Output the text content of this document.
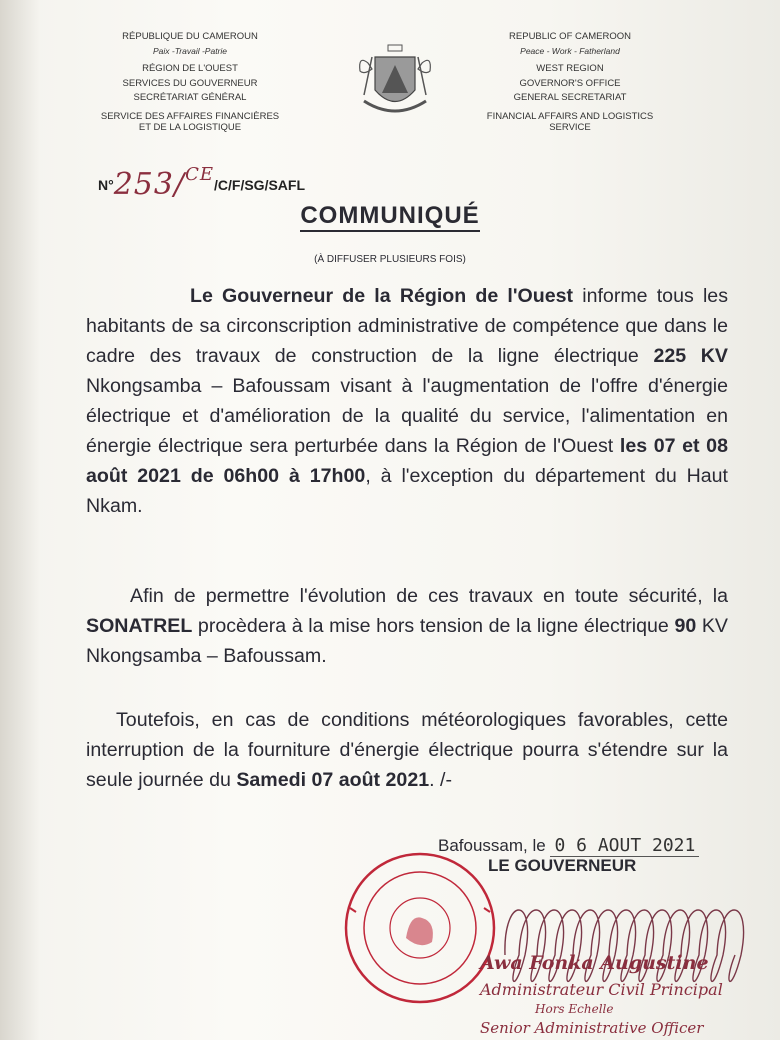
RÉPUBLIQUE DU CAMEROUN
Paix -Travail -Patrie
RÉGION DE L'OUEST
SERVICES DU GOUVERNEUR
SECRÉTARIAT GÉNÉRAL
SERVICE DES AFFAIRES FINANCIÈRES
ET DE LA LOGISTIQUE
REPUBLIC OF CAMEROON
Peace - Work - Fatherland
WEST REGION
GOVERNOR'S OFFICE
GENERAL SECRETARIAT
FINANCIAL AFFAIRS AND LOGISTICS
SERVICE
N°253/CE/C/F/SG/SAFL
COMMUNIQUÉ
(À DIFFUSER PLUSIEURS FOIS)
Le Gouverneur de la Région de l'Ouest informe tous les habitants de sa circonscription administrative de compétence que dans le cadre des travaux de construction de la ligne électrique 225 KV Nkongsamba – Bafoussam visant à l'augmentation de l'offre d'énergie électrique et d'amélioration de la qualité du service, l'alimentation en énergie électrique sera perturbée dans la Région de l'Ouest les 07 et 08 août 2021 de 06h00 à 17h00, à l'exception du département du Haut Nkam.
Afin de permettre l'évolution de ces travaux en toute sécurité, la SONATREL procèdera à la mise hors tension de la ligne électrique 90 KV Nkongsamba – Bafoussam.
Toutefois, en cas de conditions météorologiques favorables, cette interruption de la fourniture d'énergie électrique pourra s'étendre sur la seule journée du Samedi 07 août 2021. /-
Bafoussam, le 0 6 AOUT 2021
LE GOUVERNEUR
Awa Fonka Augustine
Administrateur Civil Principal
Hors Echelle
Senior Administrative Officer
